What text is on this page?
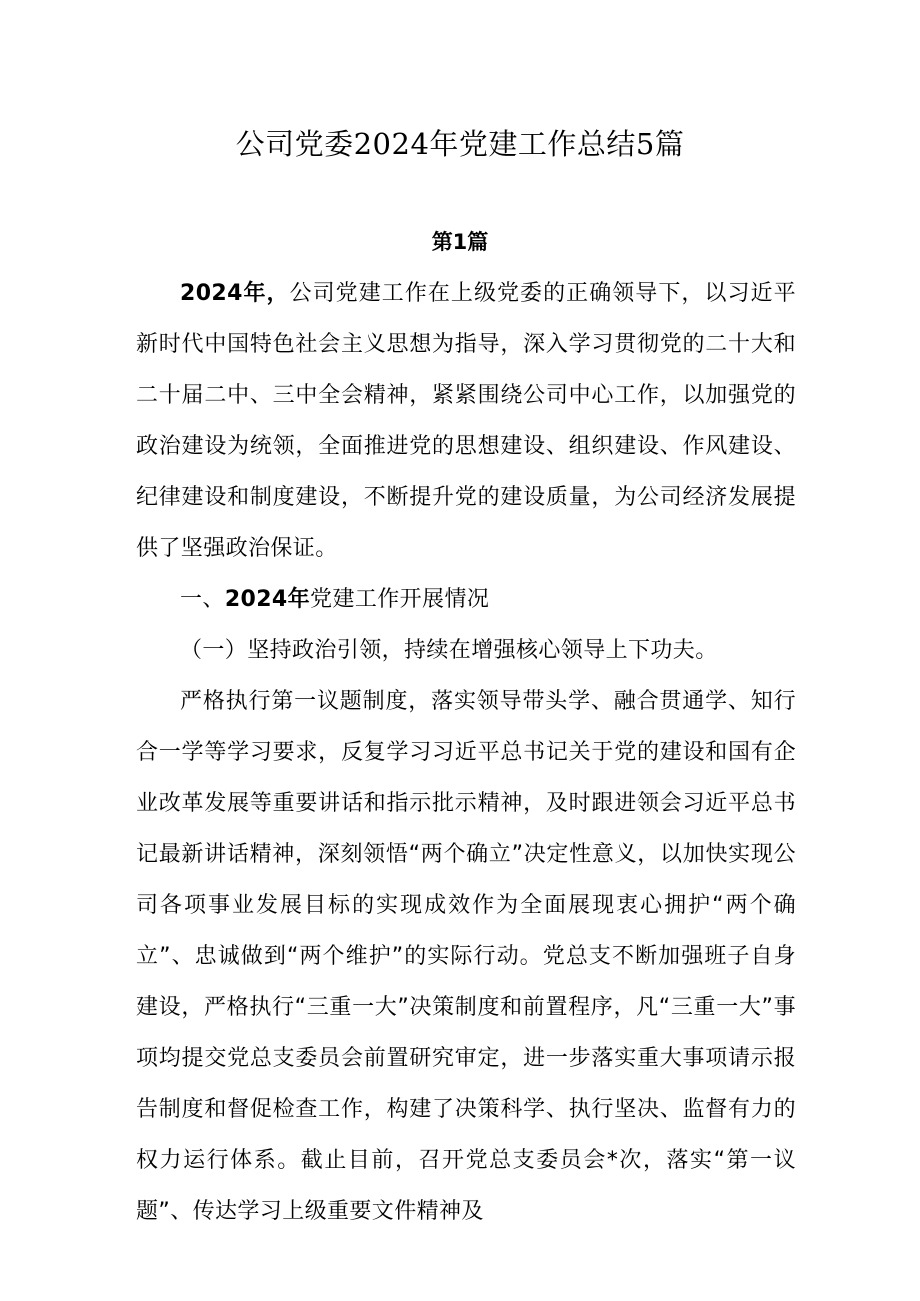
公司党委2024年党建工作总结5篇
第1篇

2024年，公司党建工作在上级党委的正确领导下，以习近平新时代中国特色社会主义思想为指导，深入学习贯彻党的二十大和二十届二中、三中全会精神，紧紧围绕公司中心工作，以加强党的政治建设为统领，全面推进党的思想建设、组织建设、作风建设、纪律建设和制度建设，不断提升党的建设质量，为公司经济发展提供了坚强政治保证。

一、2024年党建工作开展情况

（一）坚持政治引领，持续在增强核心领导上下功夫。

严格执行第一议题制度，落实领导带头学、融合贯通学、知行合一学等学习要求，反复学习习近平总书记关于党的建设和国有企业改革发展等重要讲话和指示批示精神，及时跟进领会习近平总书记最新讲话精神，深刻领悟“两个确立”决定性意义，以加快实现公司各项事业发展目标的实现成效作为全面展现衷心拥护“两个确立”、忠诚做到“两个维护”的实际行动。党总支不断加强班子自身建设，严格执行“三重一大”决策制度和前置程序，凡“三重一大”事项均提交党总支委员会前置研究审定，进一步落实重大事项请示报告制度和督促检查工作，构建了决策科学、执行坚决、监督有力的权力运行体系。截止目前，召开党总支委员会*次，落实“第一议题”、传达学习上级重要文件精神及
